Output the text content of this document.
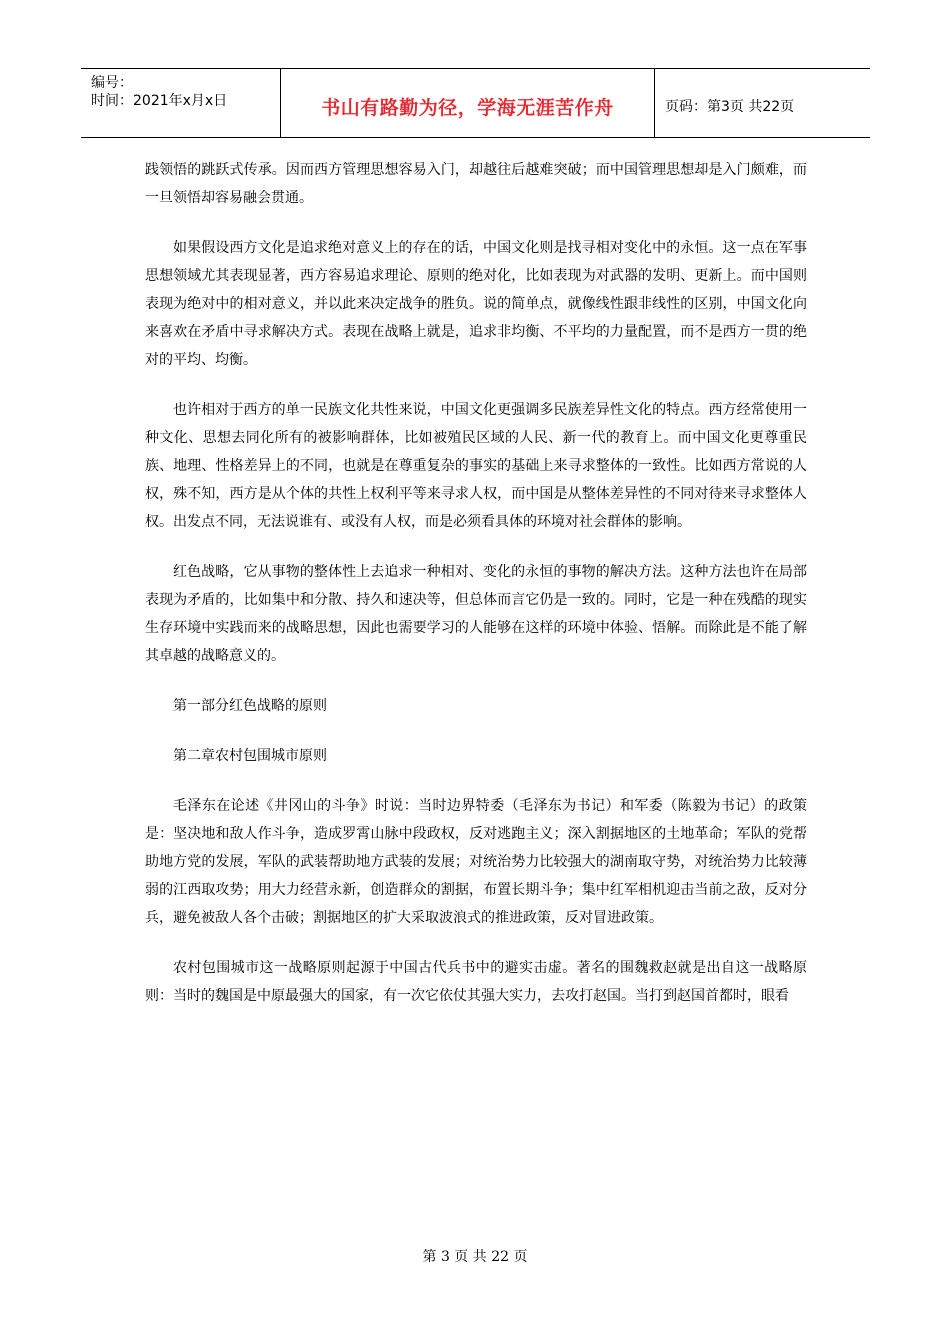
编号：
时间：2021年x月x日	书山有路勤为径，学海无涯苦作舟	页码：第3页 共22页

践领悟的跳跃式传承。因而西方管理思想容易入门，却越往后越难突破；而中国管理思想却是入门颇难，而一旦领悟却容易融会贯通。

如果假设西方文化是追求绝对意义上的存在的话，中国文化则是找寻相对变化中的永恒。这一点在军事思想领域尤其表现显著，西方容易追求理论、原则的绝对化，比如表现为对武器的发明、更新上。而中国则表现为绝对中的相对意义，并以此来决定战争的胜负。说的简单点，就像线性跟非线性的区别，中国文化向来喜欢在矛盾中寻求解决方式。表现在战略上就是，追求非均衡、不平均的力量配置，而不是西方一贯的绝对的平均、均衡。

也许相对于西方的单一民族文化共性来说，中国文化更强调多民族差异性文化的特点。西方经常使用一种文化、思想去同化所有的被影响群体，比如被殖民区域的人民、新一代的教育上。而中国文化更尊重民族、地理、性格差异上的不同，也就是在尊重复杂的事实的基础上来寻求整体的一致性。比如西方常说的人权，殊不知，西方是从个体的共性上权利平等来寻求人权，而中国是从整体差异性的不同对待来寻求整体人权。出发点不同，无法说谁有、或没有人权，而是必须看具体的环境对社会群体的影响。

红色战略，它从事物的整体性上去追求一种相对、变化的永恒的事物的解决方法。这种方法也许在局部表现为矛盾的，比如集中和分散、持久和速决等，但总体而言它仍是一致的。同时，它是一种在残酷的现实生存环境中实践而来的战略思想，因此也需要学习的人能够在这样的环境中体验、悟解。而除此是不能了解其卓越的战略意义的。

第一部分红色战略的原则

第二章农村包围城市原则

毛泽东在论述《井冈山的斗争》时说：当时边界特委（毛泽东为书记）和军委（陈毅为书记）的政策是：坚决地和敌人作斗争，造成罗霄山脉中段政权，反对逃跑主义；深入割据地区的土地革命；军队的党帮助地方党的发展，军队的武装帮助地方武装的发展；对统治势力比较强大的湖南取守势，对统治势力比较薄弱的江西取攻势；用大力经营永新，创造群众的割据，布置长期斗争；集中红军相机迎击当前之敌，反对分兵，避免被敌人各个击破；割据地区的扩大采取波浪式的推进政策，反对冒进政策。

农村包围城市这一战略原则起源于中国古代兵书中的避实击虚。著名的围魏救赵就是出自这一战略原则：当时的魏国是中原最强大的国家，有一次它依仗其强大实力，去攻打赵国。当打到赵国首都时，眼看

第 3 页 共 22 页
